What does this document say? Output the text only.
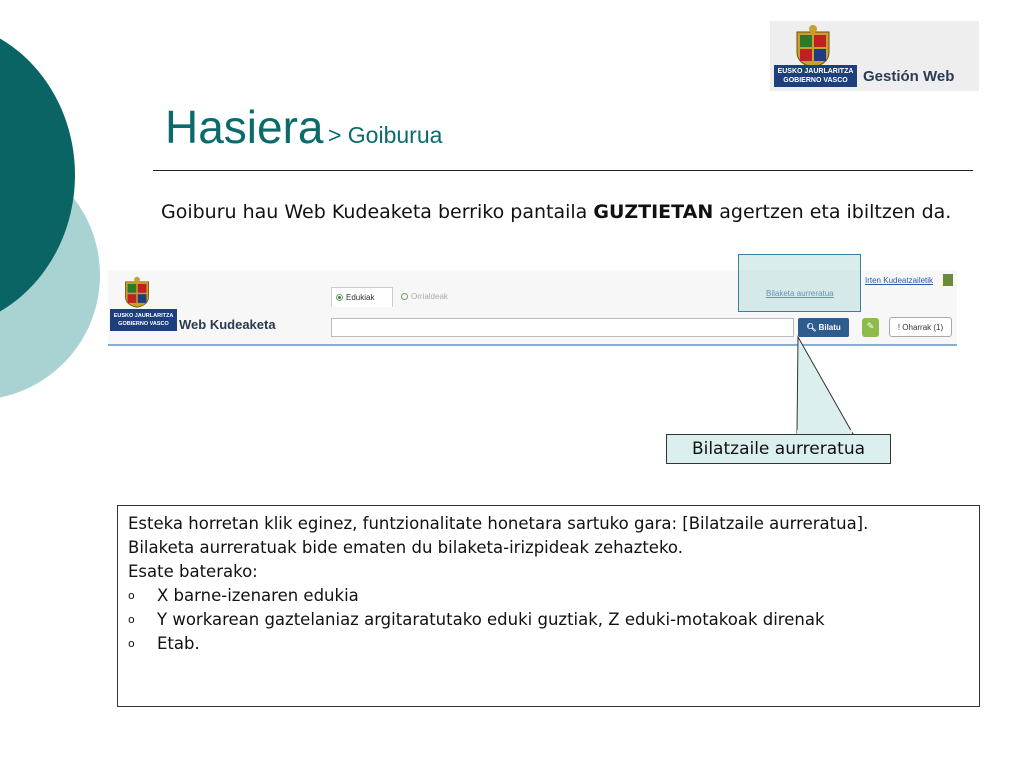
EUSKO JAURLARITZA
GOBIERNO VASCO	Gestión Web
Hasiera > Goiburua
Goiburu hau Web Kudeaketa berriko pantaila GUZTIETAN agertzen eta ibiltzen da.
EUSKO JAURLARITZA
GOBIERNO VASCO Web Kudeaketa
Edukiak	Orrialdeak
🔍︎ Bilatu
Bilaketa aurreratua
Irten Kudeatzailetik
✎	! Oharrak (1)
Bilatzaile aurreratua

Esteka horretan klik eginez, funtzionalitate honetara sartuko gara: [Bilatzaile aurreratua].

Bilaketa aurreratuak bide ematen du bilaketa-irizpideak zehazteko.

Esate baterako:

o X barne-izenaren edukia
o Y workarean gaztelaniaz argitaratutako eduki guztiak, Z eduki-motakoak direnak
o Etab.
